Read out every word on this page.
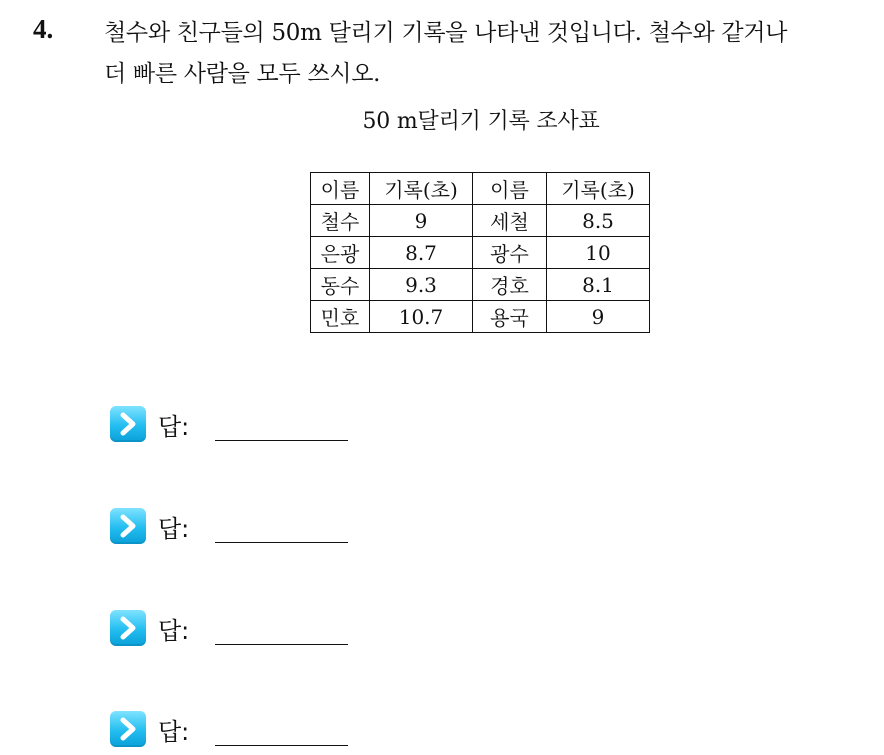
4. 철수와 친구들의 50m 달리기 기록을 나타낸 것입니다. 철수와 같거나
더 빠른 사람을 모두 쓰시오.
50 m달리기 기록 조사표
이름	기록(초)	이름	기록(초)
철수	9	세철	8.5
은광	8.7	광수	10
동수	9.3	경호	8.1
민호	10.7	용국	9
답:
답:
답:
답:
